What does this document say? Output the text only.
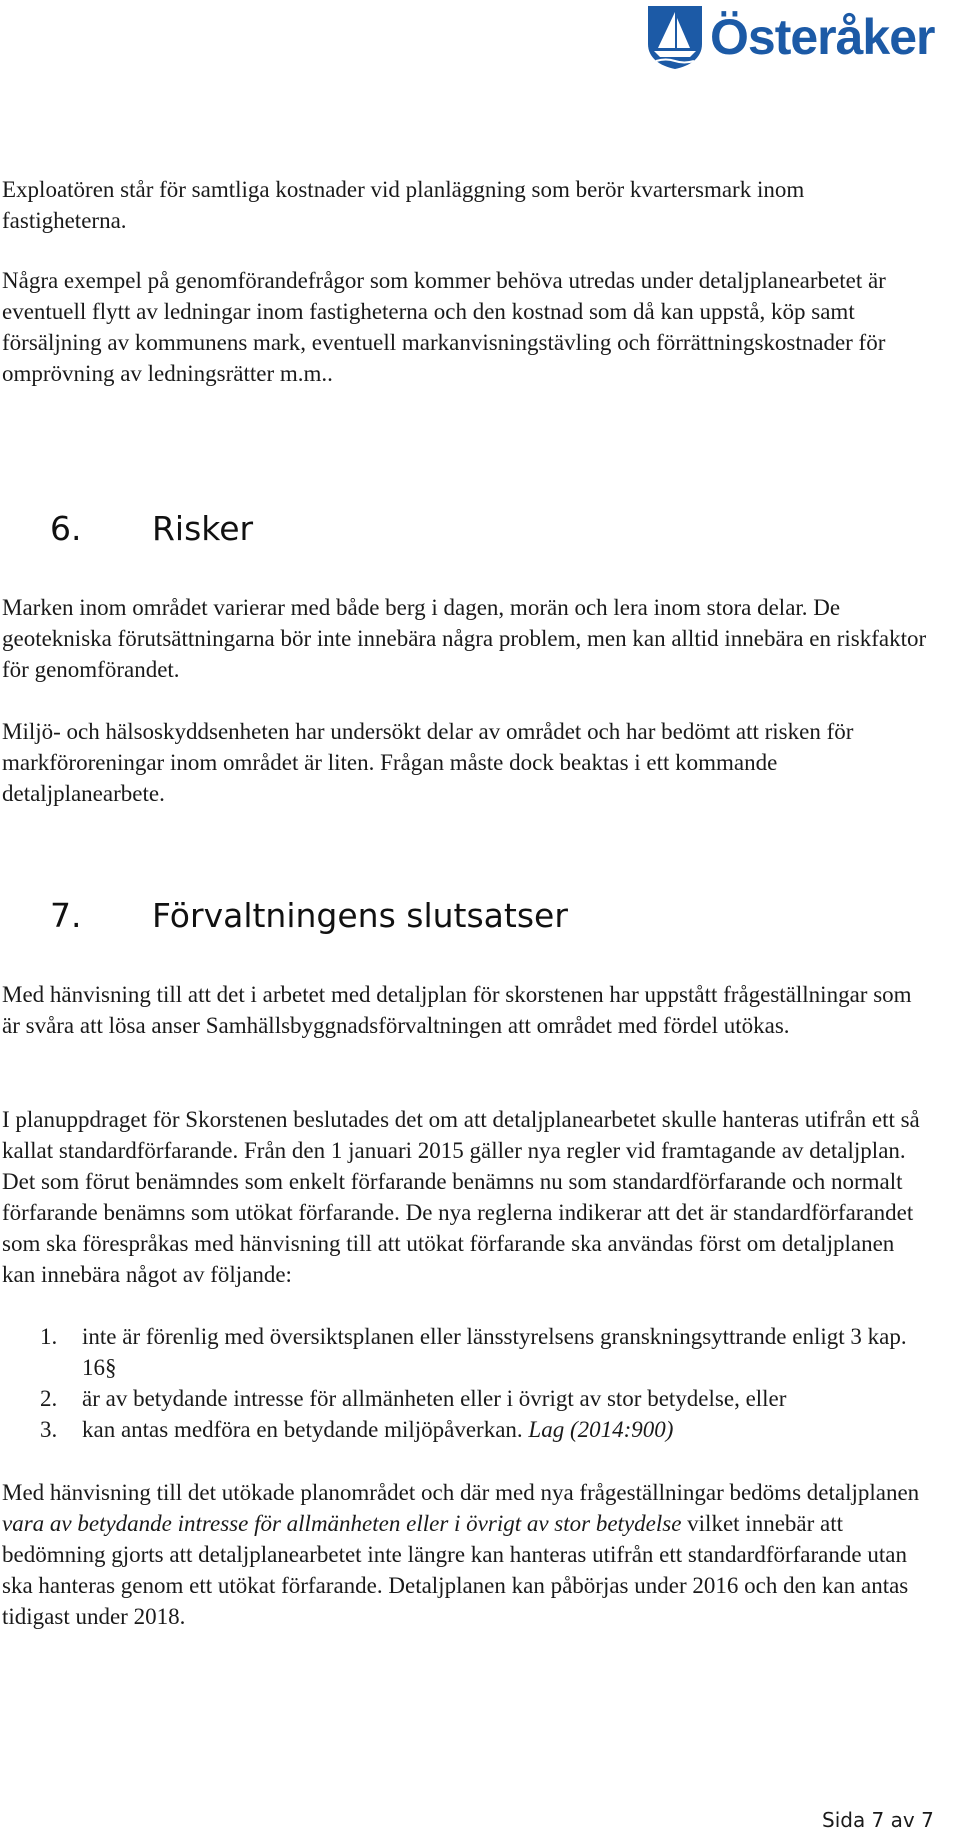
Österåker

Exploatören står för samtliga kostnader vid planläggning som berör kvartersmark inom fastigheterna.

Några exempel på genomförandefrågor som kommer behöva utredas under detaljplanearbetet är eventuell flytt av ledningar inom fastigheterna och den kostnad som då kan uppstå, köp samt försäljning av kommunens mark, eventuell markanvisningstävling och förrättningskostnader för omprövning av ledningsrätter m.m..

6.	Risker

Marken inom området varierar med både berg i dagen, morän och lera inom stora delar. De geotekniska förutsättningarna bör inte innebära några problem, men kan alltid innebära en riskfaktor för genomförandet.

Miljö- och hälsoskyddsenheten har undersökt delar av området och har bedömt att risken för markföroreningar inom området är liten. Frågan måste dock beaktas i ett kommande detaljplanearbete.

7.	Förvaltningens slutsatser

Med hänvisning till att det i arbetet med detaljplan för skorstenen har uppstått frågeställningar som är svåra att lösa anser Samhällsbyggnadsförvaltningen att området med fördel utökas.

I planuppdraget för Skorstenen beslutades det om att detaljplanearbetet skulle hanteras utifrån ett så kallat standardförfarande. Från den 1 januari 2015 gäller nya regler vid framtagande av detaljplan. Det som förut benämndes som enkelt förfarande benämns nu som standardförfarande och normalt förfarande benämns som utökat förfarande. De nya reglerna indikerar att det är standardförfarandet som ska förespråkas med hänvisning till att utökat förfarande ska användas först om detaljplanen kan innebära något av följande:

1.	inte är förenlig med översiktsplanen eller länsstyrelsens granskningsyttrande enligt 3 kap. 16§
2.	är av betydande intresse för allmänheten eller i övrigt av stor betydelse, eller
3.	kan antas medföra en betydande miljöpåverkan. Lag (2014:900)

Med hänvisning till det utökade planområdet och där med nya frågeställningar bedöms detaljplanen vara av betydande intresse för allmänheten eller i övrigt av stor betydelse vilket innebär att bedömning gjorts att detaljplanearbetet inte längre kan hanteras utifrån ett standardförfarande utan ska hanteras genom ett utökat förfarande. Detaljplanen kan påbörjas under 2016 och den kan antas tidigast under 2018.

Sida 7 av 7
